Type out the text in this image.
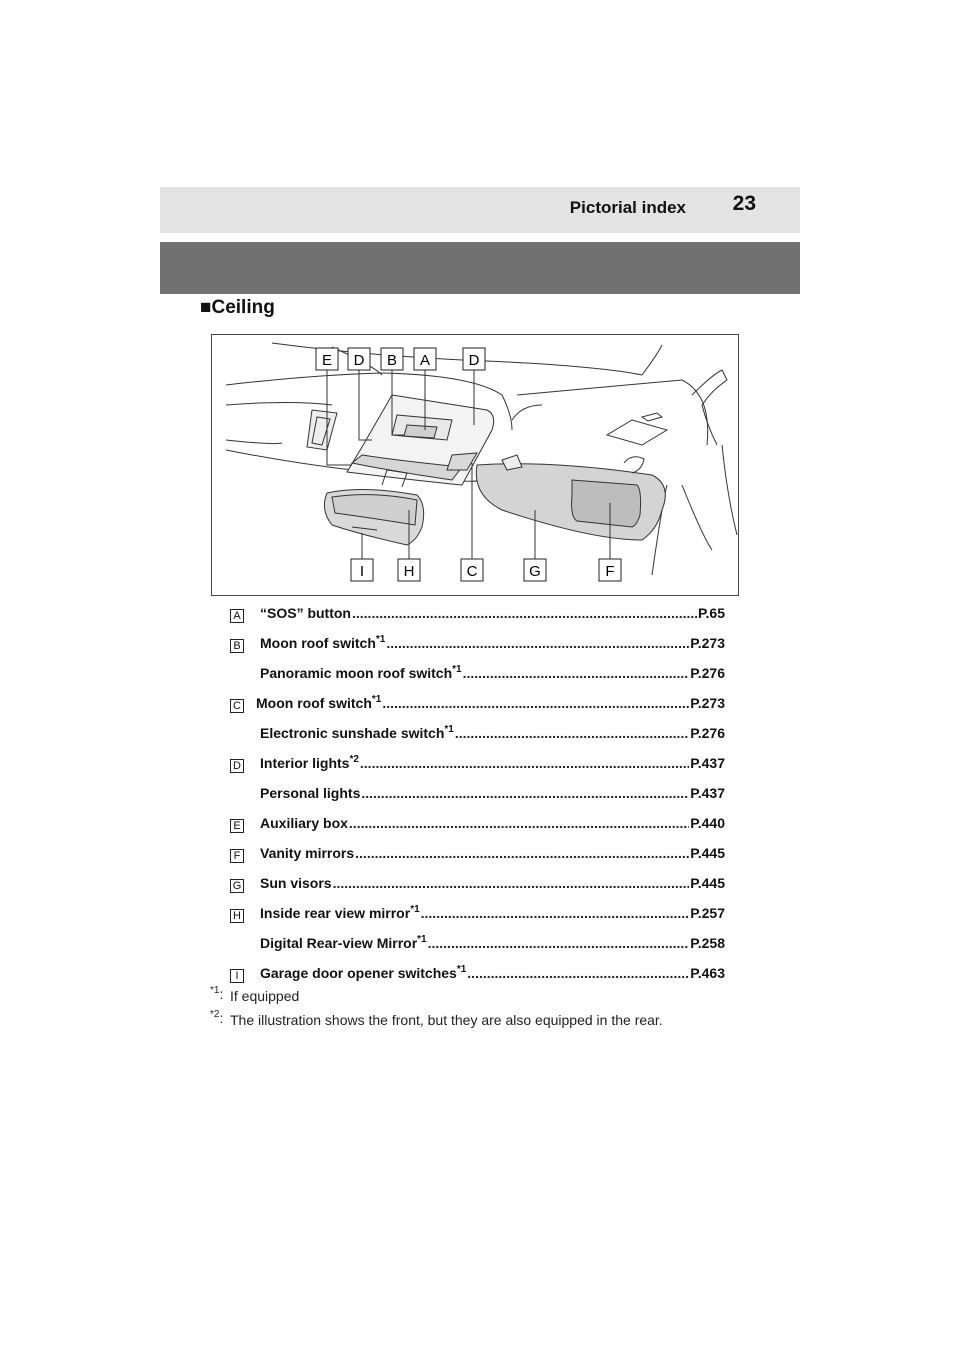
Pictorial index 23
■Ceiling
E D B A	D
I	H	C	G	F
A “SOS” button .....	P.65
B Moon roof switch$^{*1}$ .....	P.273
Panoramic moon roof switch$^{*1}$ .....	P.276
C Moon roof switch$^{*1}$ .....	P.273
Electronic sunshade switch$^{*1}$ .....	P.276
D Interior lights$^{*2}$ .....	P.437
Personal lights .....	P.437
E Auxiliary box .....	P.440
F Vanity mirrors .....	P.445
G Sun visors .....	P.445
H Inside rear view mirror$^{*1}$ .....	P.257
Digital Rear-view Mirror$^{*1}$ .....	P.258
I	Garage door opener switches$^{*1}$ .....	P.463
$^{*1}$: If equipped
$^{*2}$: The illustration shows the front, but they are also equipped in the rear.
